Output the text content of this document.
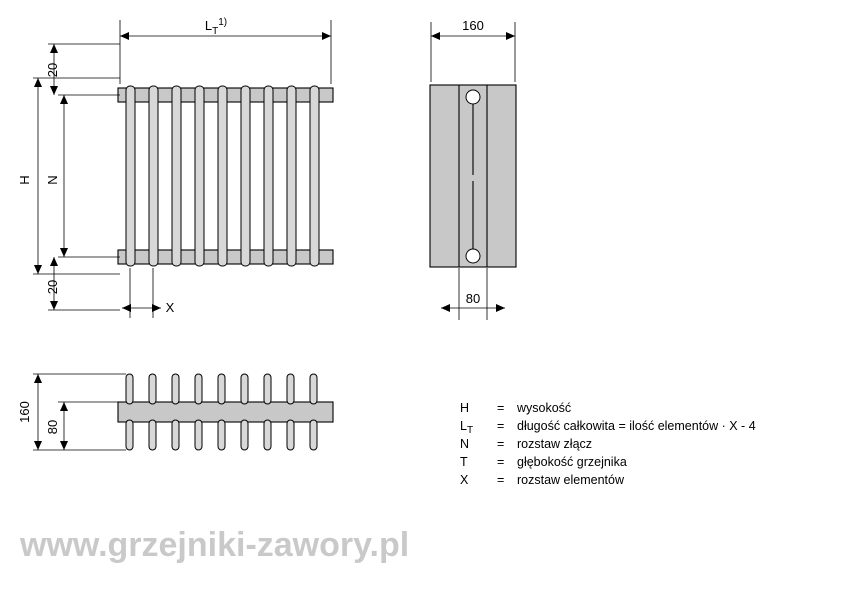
$L_T^{1)}$
20
20
H N
X
160
80
160
80
H = wysokość
$L_T$ = długość całkowita = ilość elementów · X - 4
N = rozstaw złącz
T = głębokość grzejnika
X = rozstaw elementów
www.grzejniki-zawory.pl
